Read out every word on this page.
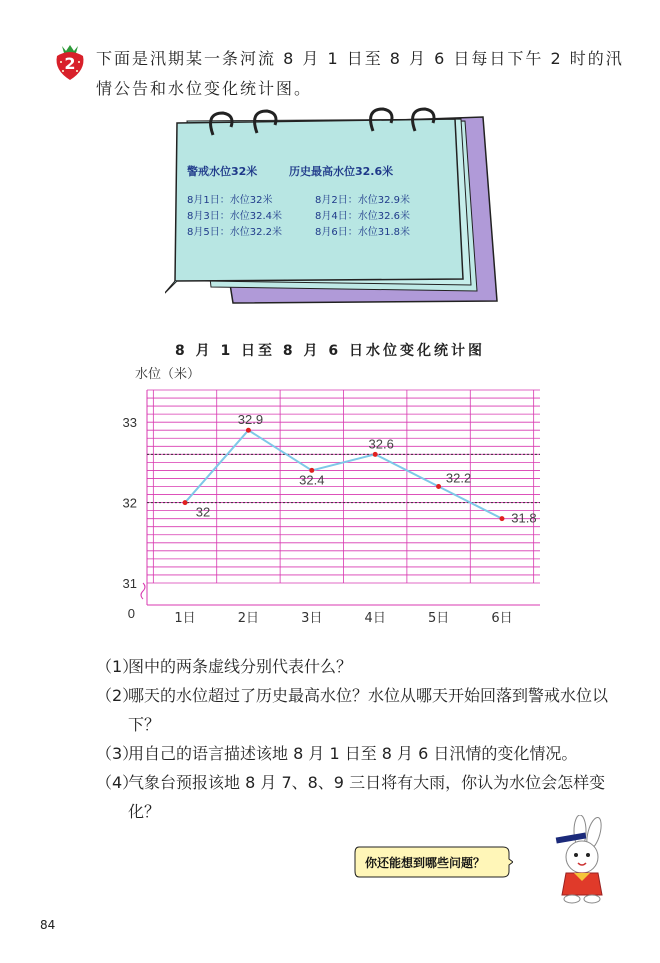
2	下面是汛期某一条河流 8 月 1 日至 8 月 6 日每日下午 2 时的汛情公告和水位变化统计图。
警戒水位32米	历史最高水位32.6米
8月1日：水位32米	8月2日：水位32.9米
8月3日：水位32.4米	8月4日：水位32.6米
8月5日：水位32.2米	8月6日：水位31.8米
8 月 1 日至 8 月 6 日水位变化统计图
33
32
31
0
水位（米）
1日	2日	3日	4日	5日	6日
32
32.9
32.4
32.6
32.2
31.8
（1）
图中的两条虚线分别代表什么？
（2）
哪天的水位超过了历史最高水位？水位从哪天开始回落到警戒水位以下？
（3）
用自己的语言描述该地 8 月 1 日至 8 月 6 日汛情的变化情况。
（4）
气象台预报该地 8 月 7、8、9 三日将有大雨，你认为水位会怎样变化？
你还能想到哪些问题？
84
